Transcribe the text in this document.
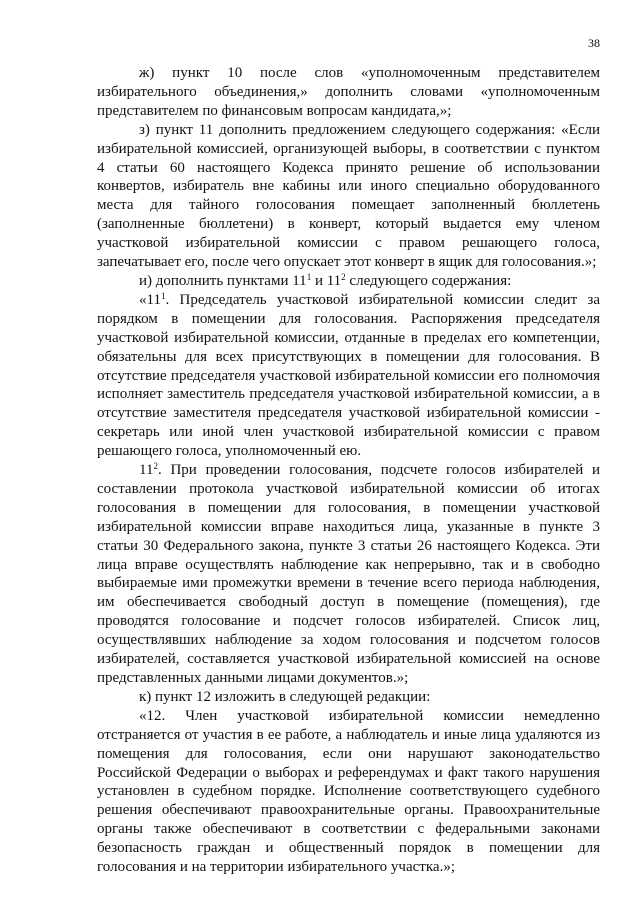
38

ж) пункт 10 после слов «уполномоченным представителем избирательного объединения,» дополнить словами «уполномоченным представителем по финансовым вопросам кандидата,»;

з) пункт 11 дополнить предложением следующего содержания: «Если избирательной комиссией, организующей выборы, в соответствии с пунктом 4 статьи 60 настоящего Кодекса принято решение об использовании конвертов, избиратель вне кабины или иного специально оборудованного места для тайного голосования помещает заполненный бюллетень (заполненные бюллетени) в конверт, который выдается ему членом участковой избирательной комиссии с правом решающего голоса, запечатывает его, после чего опускает этот конверт в ящик для голосования.»;

и) дополнить пунктами $11^1$ и $11^2$ следующего содержания:

«$11^1$. Председатель участковой избирательной комиссии следит за порядком в помещении для голосования. Распоряжения председателя участковой избирательной комиссии, отданные в пределах его компетенции, обязательны для всех присутствующих в помещении для голосования. В отсутствие председателя участковой избирательной комиссии его полномочия исполняет заместитель председателя участковой избирательной комиссии, а в отсутствие заместителя председателя участковой избирательной комиссии - секретарь или иной член участковой избирательной комиссии с правом решающего голоса, уполномоченный ею.

$11^2$. При проведении голосования, подсчете голосов избирателей и составлении протокола участковой избирательной комиссии об итогах голосования в помещении для голосования, в помещении участковой избирательной комиссии вправе находиться лица, указанные в пункте 3 статьи 30 Федерального закона, пункте 3 статьи 26 настоящего Кодекса. Эти лица вправе осуществлять наблюдение как непрерывно, так и в свободно выбираемые ими промежутки времени в течение всего периода наблюдения, им обеспечивается свободный доступ в помещение (помещения), где проводятся голосование и подсчет голосов избирателей. Список лиц, осуществлявших наблюдение за ходом голосования и подсчетом голосов избирателей, составляется участковой избирательной комиссией на основе представленных данными лицами документов.»;

к) пункт 12 изложить в следующей редакции:

«12. Член участковой избирательной комиссии немедленно отстраняется от участия в ее работе, а наблюдатель и иные лица удаляются из помещения для голосования, если они нарушают законодательство Российской Федерации о выборах и референдумах и факт такого нарушения установлен в судебном порядке. Исполнение соответствующего судебного решения обеспечивают правоохранительные органы. Правоохранительные органы также обеспечивают в соответствии с федеральными законами безопасность граждан и общественный порядок в помещении для голосования и на территории избирательного участка.»;
